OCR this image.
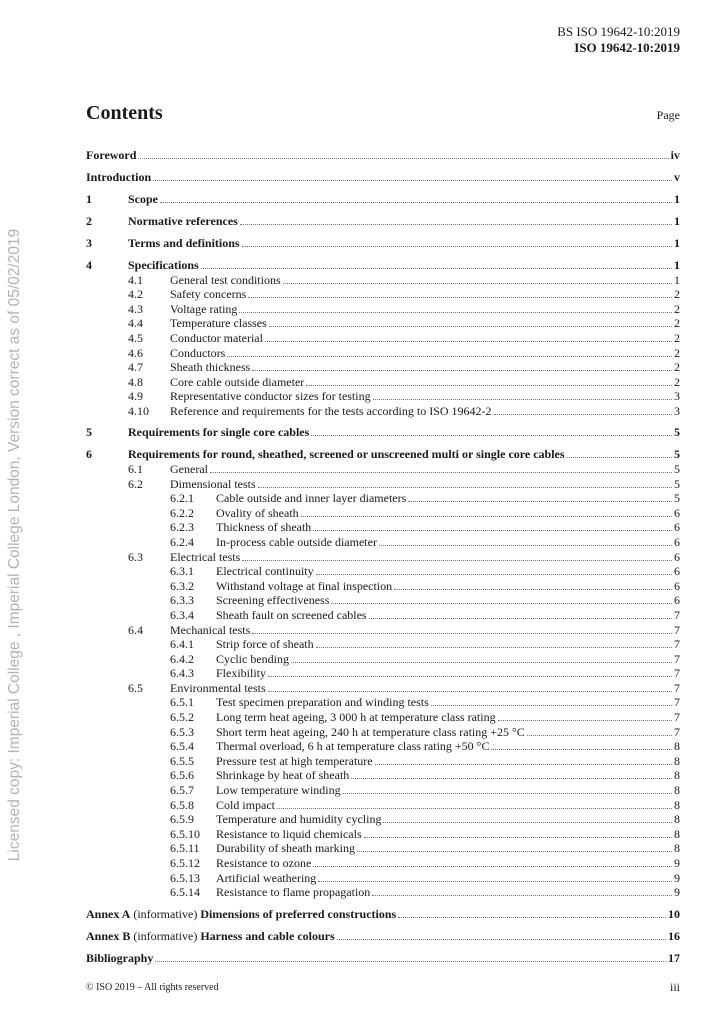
BS ISO 19642-10:2019
ISO 19642-10:2019
Contents	Page
Licensed copy: Imperial College , Imperial College London, Version correct as of 05/02/2019
Foreword	iv
Introduction	v
1	Scope	1
2	Normative references	1
3	Terms and definitions	1
4	Specifications	1
4.1 General test conditions	1
4.2 Safety concerns	2
4.3 Voltage rating	2
4.4 Temperature classes	2
4.5 Conductor material	2
4.6 Conductors	2
4.7 Sheath thickness	2
4.8 Core cable outside diameter	2
4.9 Representative conductor sizes for testing	3
4.10 Reference and requirements for the tests according to ISO 19642-2	3
5	Requirements for single core cables	5
6	Requirements for round, sheathed, screened or unscreened multi or single core cables	5
6.1 General	5
6.2 Dimensional tests	5
6.2.1 Cable outside and inner layer diameters	5
6.2.2 Ovality of sheath	6
6.2.3 Thickness of sheath	6
6.2.4 In-process cable outside diameter	6
6.3 Electrical tests	6
6.3.1 Electrical continuity	6
6.3.2 Withstand voltage at final inspection	6
6.3.3 Screening effectiveness	6
6.3.4 Sheath fault on screened cables	7
6.4 Mechanical tests	7
6.4.1 Strip force of sheath	7
6.4.2 Cyclic bending	7
6.4.3 Flexibility	7
6.5 Environmental tests	7
6.5.1 Test specimen preparation and winding tests	7
6.5.2 Long term heat ageing, 3 000 h at temperature class rating	7
6.5.3 Short term heat ageing, 240 h at temperature class rating +25 °C	7
6.5.4 Thermal overload, 6 h at temperature class rating +50 °C	8
6.5.5 Pressure test at high temperature	8
6.5.6 Shrinkage by heat of sheath	8
6.5.7 Low temperature winding	8
6.5.8 Cold impact	8
6.5.9 Temperature and humidity cycling	8
6.5.10 Resistance to liquid chemicals	8
6.5.11 Durability of sheath marking	8
6.5.12 Resistance to ozone	9
6.5.13 Artificial weathering	9
6.5.14 Resistance to flame propagation	9
Annex A (informative) Dimensions of preferred constructions	10
Annex B (informative) Harness and cable colours	16
Bibliography	17
© ISO 2019 – All rights reserved	iii
